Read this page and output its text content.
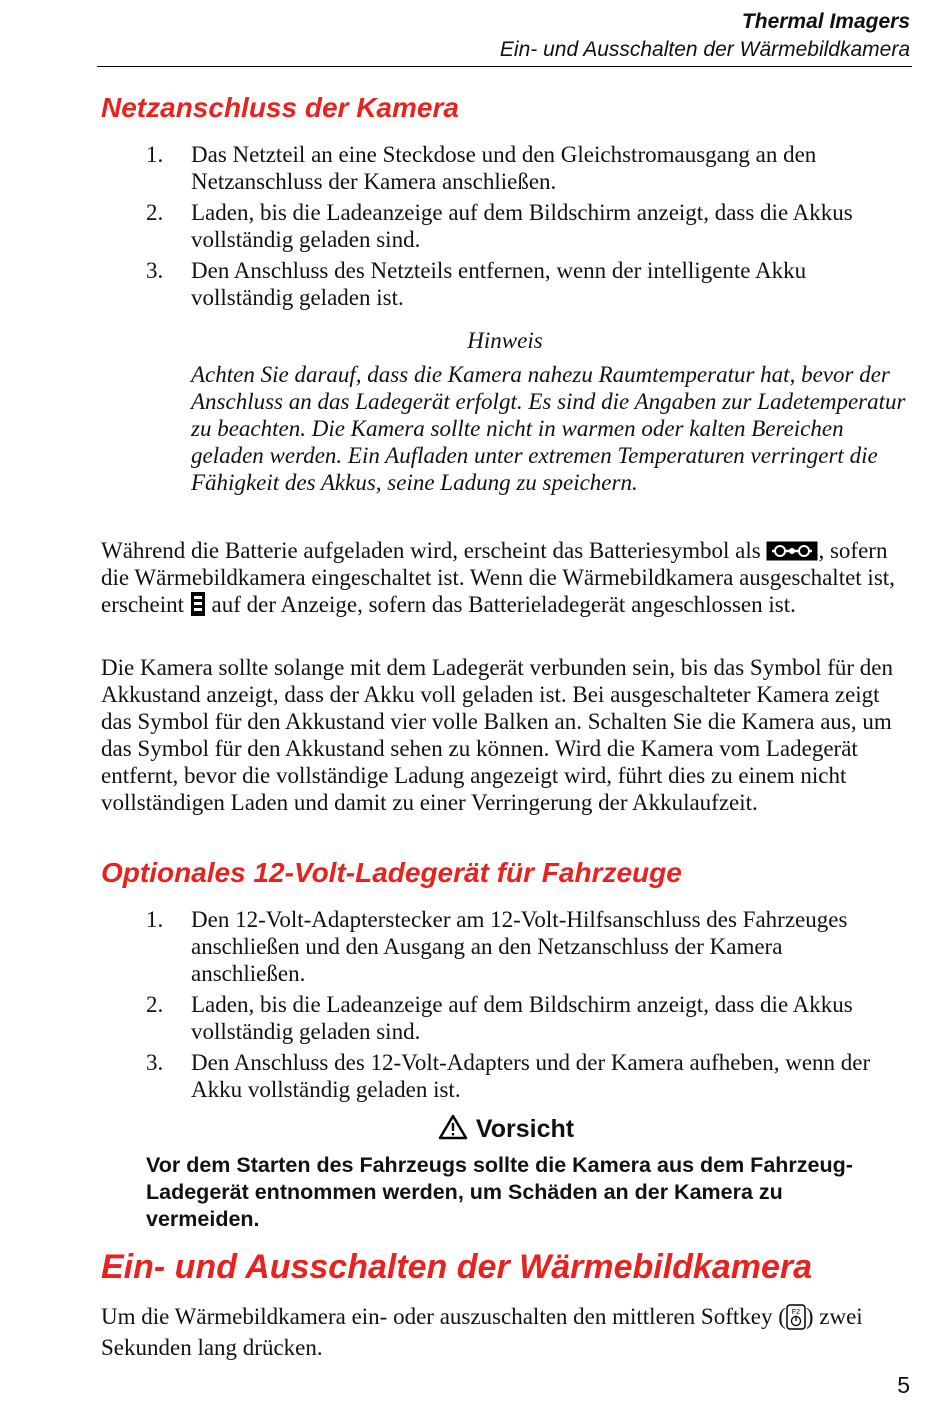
Thermal Imagers
Ein- und Ausschalten der Wärmebildkamera
Netzanschluss der Kamera
1. Das Netzteil an eine Steckdose und den Gleichstromausgang an den Netzanschluss der Kamera anschließen.
2. Laden, bis die Ladeanzeige auf dem Bildschirm anzeigt, dass die Akkus vollständig geladen sind.
3. Den Anschluss des Netzteils entfernen, wenn der intelligente Akku vollständig geladen ist.
Hinweis
Achten Sie darauf, dass die Kamera nahezu Raumtemperatur hat, bevor der Anschluss an das Ladegerät erfolgt. Es sind die Angaben zur Ladetemperatur zu beachten. Die Kamera sollte nicht in warmen oder kalten Bereichen geladen werden. Ein Aufladen unter extremen Temperaturen verringert die Fähigkeit des Akkus, seine Ladung zu speichern.
Während die Batterie aufgeladen wird, erscheint das Batteriesymbol als , sofern die Wärmebildkamera eingeschaltet ist. Wenn die Wärmebildkamera ausgeschaltet ist, erscheint  auf der Anzeige, sofern das Batterieladegerät angeschlossen ist.
Die Kamera sollte solange mit dem Ladegerät verbunden sein, bis das Symbol für den Akkustand anzeigt, dass der Akku voll geladen ist. Bei ausgeschalteter Kamera zeigt das Symbol für den Akkustand vier volle Balken an. Schalten Sie die Kamera aus, um das Symbol für den Akkustand sehen zu können. Wird die Kamera vom Ladegerät entfernt, bevor die vollständige Ladung angezeigt wird, führt dies zu einem nicht vollständigen Laden und damit zu einer Verringerung der Akkulaufzeit.
Optionales 12-Volt-Ladegerät für Fahrzeuge
1. Den 12-Volt-Adapterstecker am 12-Volt-Hilfsanschluss des Fahrzeuges anschließen und den Ausgang an den Netzanschluss der Kamera anschließen.
2. Laden, bis die Ladeanzeige auf dem Bildschirm anzeigt, dass die Akkus vollständig geladen sind.
3. Den Anschluss des 12-Volt-Adapters und der Kamera aufheben, wenn der Akku vollständig geladen ist.
Vorsicht
Vor dem Starten des Fahrzeugs sollte die Kamera aus dem Fahrzeug-Ladegerät entnommen werden, um Schäden an der Kamera zu vermeiden.
Ein- und Ausschalten der Wärmebildkamera
Um die Wärmebildkamera ein- oder auszuschalten den mittleren Softkey ( F2 ) zwei Sekunden lang drücken.
5
